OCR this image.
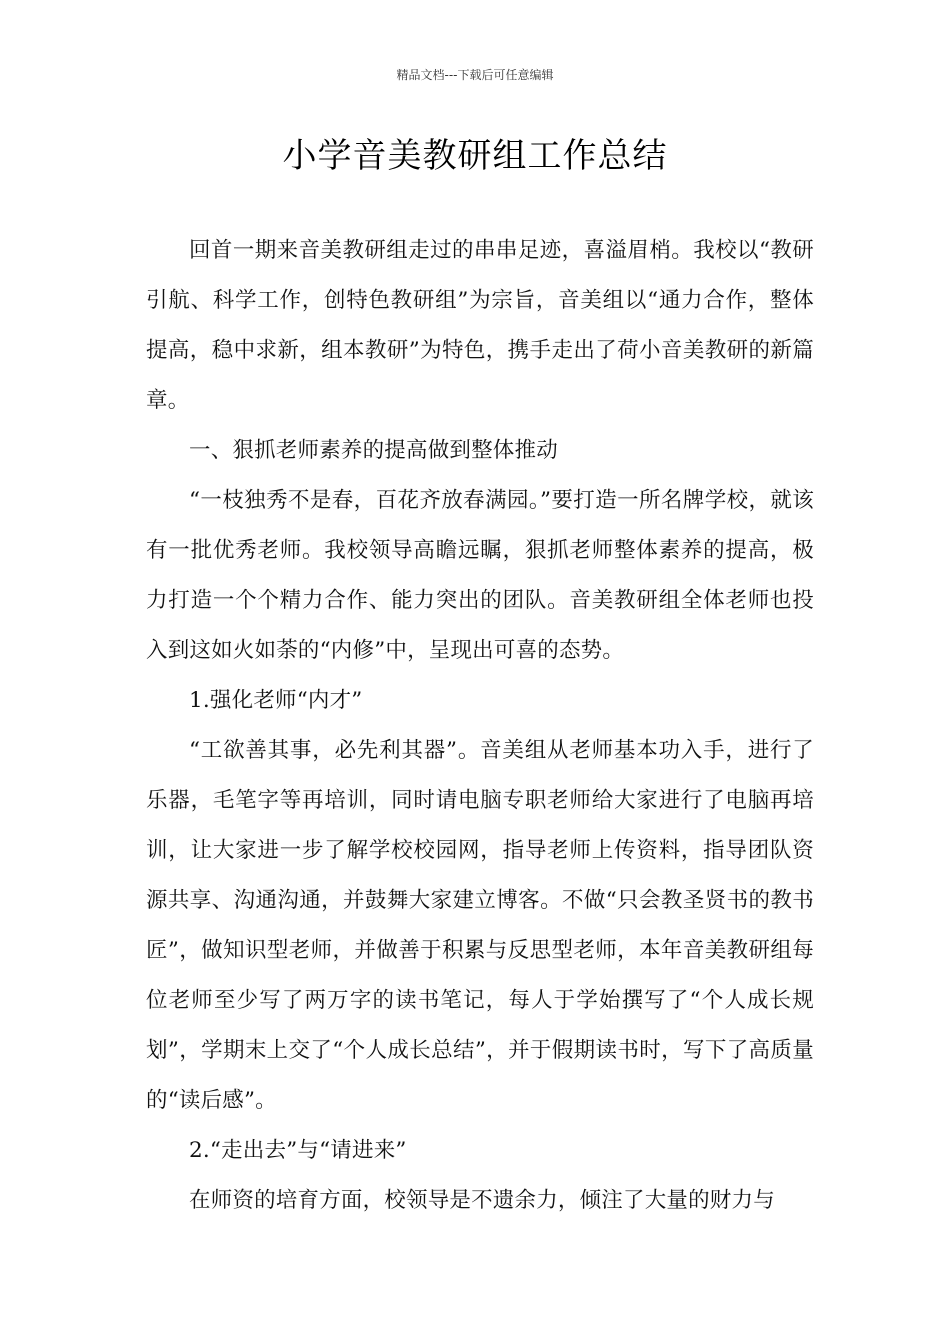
精品文档---下载后可任意编辑
小学音美教研组工作总结

回首一期来音美教研组走过的串串足迹，喜溢眉梢。我校以“教研引航、科学工作，创特色教研组”为宗旨，音美组以“通力合作，整体提高，稳中求新，组本教研”为特色，携手走出了荷小音美教研的新篇章。

一、狠抓老师素养的提高做到整体推动

“一枝独秀不是春，百花齐放春满园。”要打造一所名牌学校，就该有一批优秀老师。我校领导高瞻远瞩，狠抓老师整体素养的提高，极力打造一个个精力合作、能力突出的团队。音美教研组全体老师也投入到这如火如荼的“内修”中，呈现出可喜的态势。

1.强化老师“内才”

“工欲善其事，必先利其器”。音美组从老师基本功入手，进行了乐器，毛笔字等再培训，同时请电脑专职老师给大家进行了电脑再培训，让大家进一步了解学校校园网，指导老师上传资料，指导团队资源共享、沟通沟通，并鼓舞大家建立博客。不做“只会教圣贤书的教书匠”，做知识型老师，并做善于积累与反思型老师，本年音美教研组每位老师至少写了两万字的读书笔记，每人于学始撰写了“个人成长规划”，学期末上交了“个人成长总结”，并于假期读书时，写下了高质量的“读后感”。

2.“走出去”与“请进来”

在师资的培育方面，校领导是不遗余力，倾注了大量的财力与
